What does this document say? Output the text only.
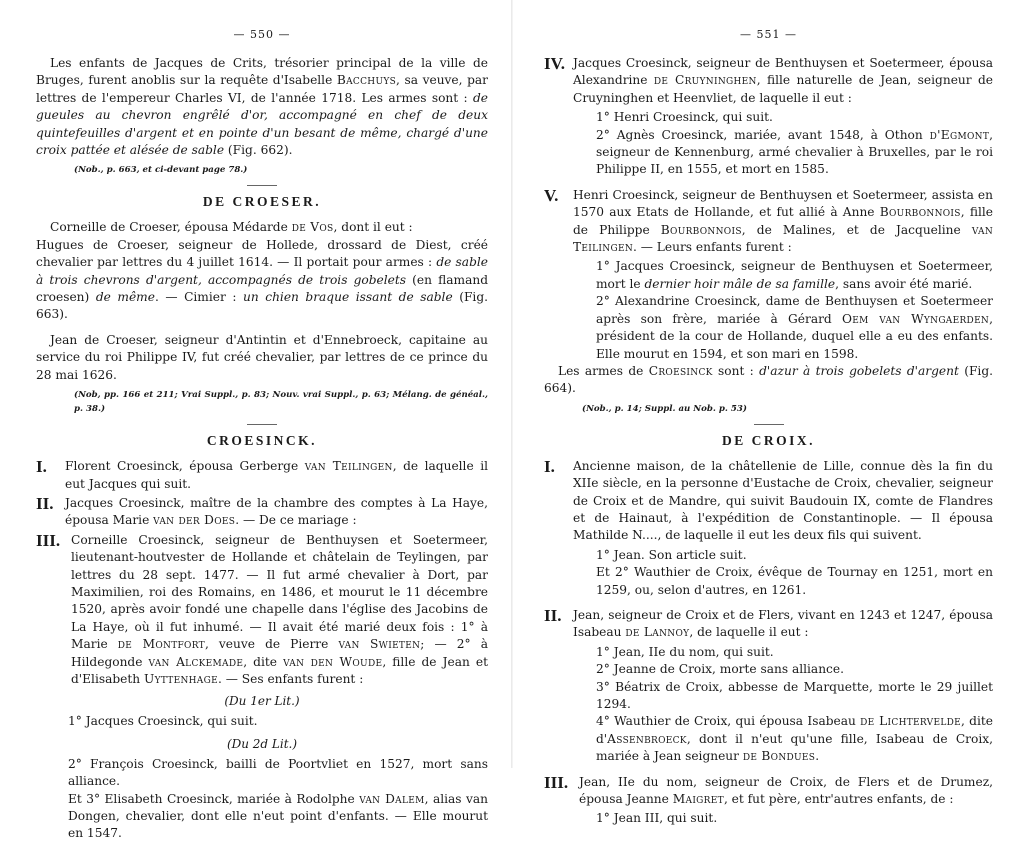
— 550 —

Les enfants de Jacques de Crits, trésorier principal de la ville de Bruges, furent anoblis sur la requête d'Isabelle Bacchuys, sa veuve, par lettres de l'empereur Charles VI, de l'année 1718. Les armes sont : de gueules au chevron engrêlé d'or, accompagné en chef de deux quintefeuilles d'argent et en pointe d'un besant de même, chargé d'une croix pattée et alésée de sable (Fig. 662).

(Nob., p. 663, et ci-devant page 78.)

DE CROESER.

Corneille de Croeser, épousa Médarde de Vos, dont il eut :

Hugues de Croeser, seigneur de Hollede, drossard de Diest, créé chevalier par lettres du 4 juillet 1614. — Il portait pour armes : de sable à trois chevrons d'argent, accompagnés de trois gobelets (en flamand croesen) de même. — Cimier : un chien braque issant de sable (Fig. 663).

Jean de Croeser, seigneur d'Antintin et d'Ennebroeck, capitaine au service du roi Philippe IV, fut créé chevalier, par lettres de ce prince du 28 mai 1626.

(Nob, pp. 166 et 211; Vrai Suppl., p. 83; Nouv. vrai Suppl., p. 63; Mélang. de généal., p. 38.)

CROESINCK.
I.	Florent Croesinck, épousa Gerberge van Teilingen, de laquelle il eut Jacques qui suit.

II. Jacques Croesinck, maître de la chambre des comptes à La Haye, épousa Marie van der Does. — De ce mariage :

III. Corneille Croesinck, seigneur de Benthuysen et Soetermeer, lieutenant-houtvester de Hollande et châtelain de Teylingen, par lettres du 28 sept. 1477. — Il fut armé chevalier à Dort, par Maximilien, roi des Romains, en 1486, et mourut le 11 décembre 1520, après avoir fondé une chapelle dans l'église des Jacobins de La Haye, où il fut inhumé. — Il avait été marié deux fois : 1° à Marie de Montfort, veuve de Pierre van Swieten; — 2° à Hildegonde van Alckemade, dite van den Woude, fille de Jean et d'Elisabeth Uyttenhage. — Ses enfants furent :

(Du 1er Lit.)

1° Jacques Croesinck, qui suit.

(Du 2d Lit.)

2° François Croesinck, bailli de Poortvliet en 1527, mort sans alliance.

Et 3° Elisabeth Croesinck, mariée à Rodolphe van Dalem, alias van Dongen, chevalier, dont elle n'eut point d'enfants. — Elle mourut en 1547.

— 551 —
IV. Jacques Croesinck, seigneur de Benthuysen et Soetermeer, épousa Alexandrine de Cruyninghen, fille naturelle de Jean, seigneur de Cruyninghen et Heenvliet, de laquelle il eut :

1° Henri Croesinck, qui suit.

2° Agnès Croesinck, mariée, avant 1548, à Othon d'Egmont, seigneur de Kennenburg, armé chevalier à Bruxelles, par le roi Philippe II, en 1555, et mort en 1585.

V.	Henri Croesinck, seigneur de Benthuysen et Soetermeer, assista en 1570 aux Etats de Hollande, et fut allié à Anne Bourbonnois, fille de Philippe Bourbonnois, de Malines, et de Jacqueline van Teilingen. — Leurs enfants furent :

1° Jacques Croesinck, seigneur de Benthuysen et Soetermeer, mort le dernier hoir mâle de sa famille, sans avoir été marié.

2° Alexandrine Croesinck, dame de Benthuysen et Soetermeer après son frère, mariée à Gérard Oem van Wyngaerden, président de la cour de Hollande, duquel elle a eu des enfants. Elle mourut en 1594, et son mari en 1598.

Les armes de Croesinck sont : d'azur à trois gobelets d'argent (Fig. 664).

(Nob., p. 14; Suppl. au Nob. p. 53)

DE CROIX.
I.	Ancienne maison, de la châtellenie de Lille, connue dès la fin du XIIe siècle, en la personne d'Eustache de Croix, chevalier, seigneur de Croix et de Mandre, qui suivit Baudouin IX, comte de Flandres et de Hainaut, à l'expédition de Constantinople. — Il épousa Mathilde N...., de laquelle il eut les deux fils qui suivent.

1° Jean. Son article suit.

Et 2° Wauthier de Croix, évêque de Tournay en 1251, mort en 1259, ou, selon d'autres, en 1261.

II. Jean, seigneur de Croix et de Flers, vivant en 1243 et 1247, épousa Isabeau de Lannoy, de laquelle il eut :

1° Jean, IIe du nom, qui suit.

2° Jeanne de Croix, morte sans alliance.

3° Béatrix de Croix, abbesse de Marquette, morte le 29 juillet 1294.

4° Wauthier de Croix, qui épousa Isabeau de Lichtervelde, dite d'Assenbroeck, dont il n'eut qu'une fille, Isabeau de Croix, mariée à Jean seigneur de Bondues.

III. Jean, IIe du nom, seigneur de Croix, de Flers et de Drumez, épousa Jeanne Maigret, et fut père, entr'autres enfants, de :

1° Jean III, qui suit.
